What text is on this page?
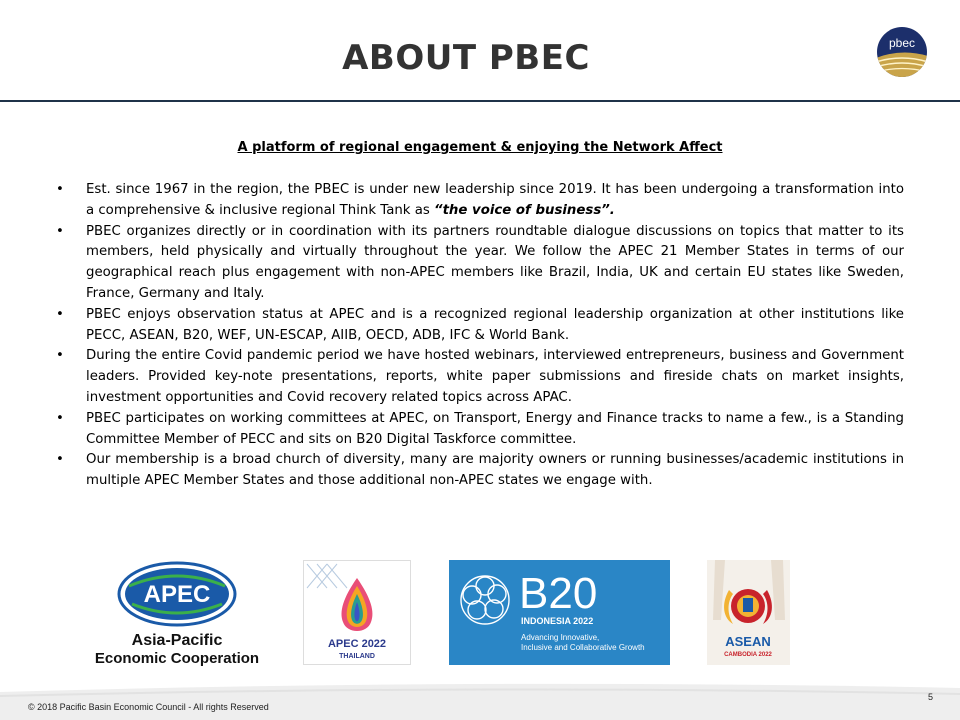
ABOUT PBEC	pbec
A platform of regional engagement & enjoying the Network Affect
• Est. since 1967 in the region, the PBEC is under new leadership since 2019. It has been undergoing a transformation into a comprehensive & inclusive regional Think Tank as “the voice of business”.
• PBEC organizes directly or in coordination with its partners roundtable dialogue discussions on topics that matter to its members, held physically and virtually throughout the year. We follow the APEC 21 Member States in terms of our geographical reach plus engagement with non-APEC members like Brazil, India, UK and certain EU states like Sweden, France, Germany and Italy.
• PBEC enjoys observation status at APEC and is a recognized regional leadership organization at other institutions like PECC, ASEAN, B20, WEF, UN-ESCAP, AIIB, OECD, ADB, IFC & World Bank.
• During the entire Covid pandemic period we have hosted webinars, interviewed entrepreneurs, business and Government leaders. Provided key-note presentations, reports, white paper submissions and fireside chats on market insights, investment opportunities and Covid recovery related topics across APAC.
• PBEC participates on working committees at APEC, on Transport, Energy and Finance tracks to name a few., is a Standing Committee Member of PECC and sits on B20 Digital Taskforce committee.
• Our membership is a broad church of diversity, many are majority owners or running businesses/academic institutions in multiple APEC Member States and those additional non-APEC states we engage with.
APEC
Asia-Pacific
Economic Cooperation
APEC 2022
THAILAND
B20
INDONESIA 2022
Advancing Innovative,
Inclusive and Collaborative Growth	ASEAN
CAMBODIA 2022
© 2018 Pacific Basin Economic Council - All rights Reserved
5
